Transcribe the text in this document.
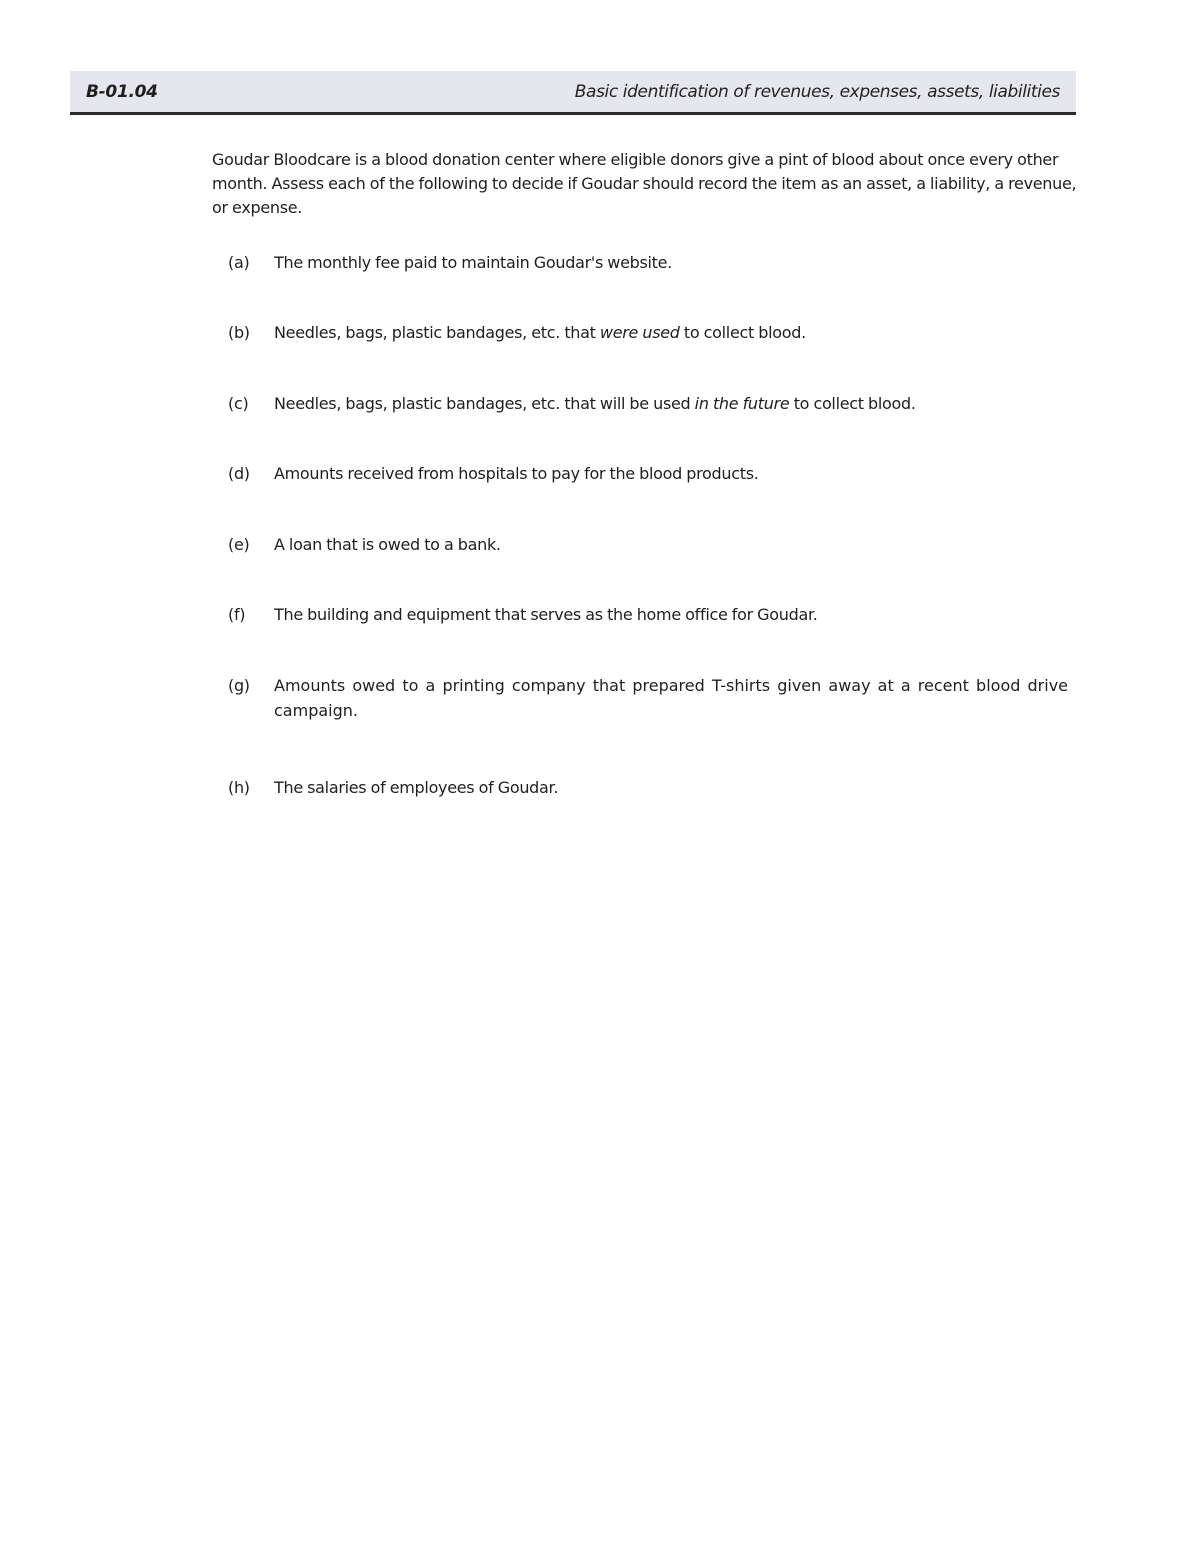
B-01.04	Basic identification of revenues, expenses, assets, liabilities

Goudar Bloodcare is a blood donation center where eligible donors give a pint of blood about once every other month. Assess each of the following to decide if Goudar should record the item as an asset, a liability, a revenue, or expense.

(a)	The monthly fee paid to maintain Goudar's website.
(b)	Needles, bags, plastic bandages, etc. that were used to collect blood.
(c)	Needles, bags, plastic bandages, etc. that will be used in the future to collect blood.
(d)	Amounts received from hospitals to pay for the blood products.
(e)	A loan that is owed to a bank.
(f)	The building and equipment that serves as the home office for Goudar.
(g)	Amounts owed to a printing company that prepared T-shirts given away at a recent blood drive campaign.
(h)	The salaries of employees of Goudar.
